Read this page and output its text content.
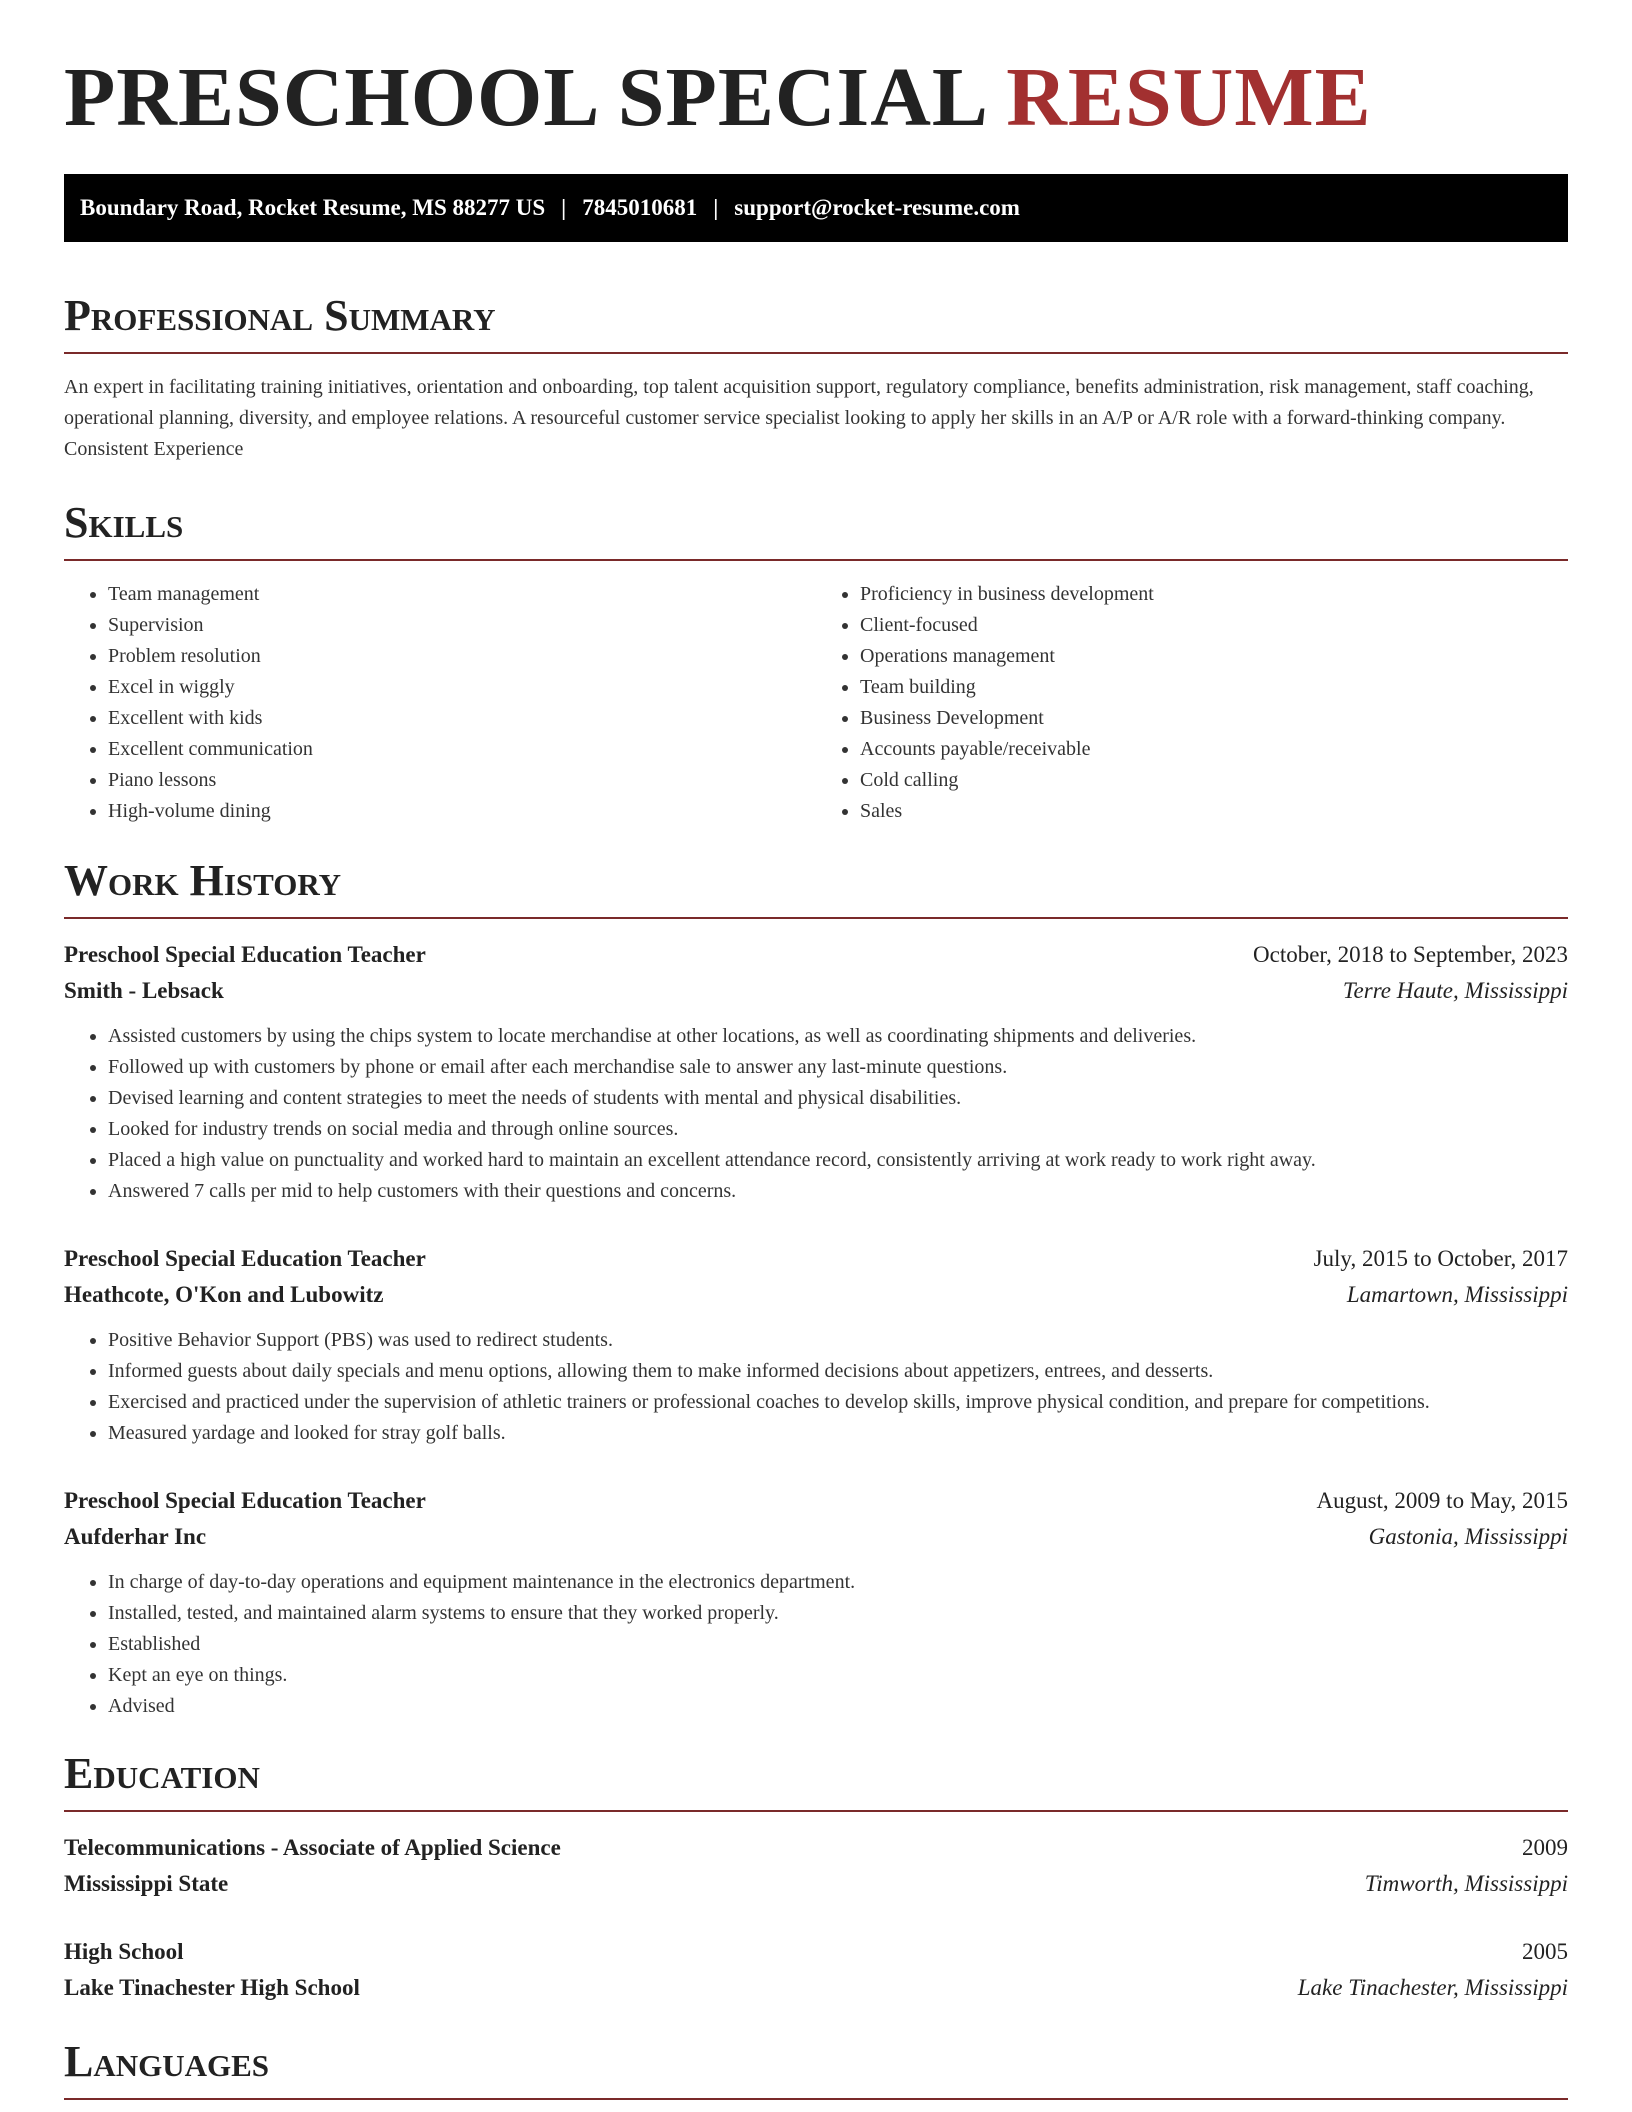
PRESCHOOL SPECIAL RESUME
Boundary Road, Rocket Resume, MS 88277 US | 7845010681 | support@rocket-resume.com
Professional Summary

An expert in facilitating training initiatives, orientation and onboarding, top talent acquisition support, regulatory compliance, benefits administration, risk management, staff coaching, operational planning, diversity, and employee relations. A resourceful customer service specialist looking to apply her skills in an A/P or A/R role with a forward-thinking company. Consistent Experience

Skills
• Team management
• Supervision
• Problem resolution
• Excel in wiggly
• Excellent with kids
• Excellent communication
• Piano lessons
• High-volume dining
• Proficiency in business development
• Client-focused
• Operations management
• Team building
• Business Development
• Accounts payable/receivable
• Cold calling
• Sales
Work History
Preschool Special Education Teacher	October, 2018 to September, 2023
Smith - Lebsack	Terre Haute, Mississippi
• Assisted customers by using the chips system to locate merchandise at other locations, as well as coordinating shipments and deliveries.
• Followed up with customers by phone or email after each merchandise sale to answer any last-minute questions.
• Devised learning and content strategies to meet the needs of students with mental and physical disabilities.
• Looked for industry trends on social media and through online sources.
• Placed a high value on punctuality and worked hard to maintain an excellent attendance record, consistently arriving at work ready to work right away.
• Answered 7 calls per mid to help customers with their questions and concerns.
Preschool Special Education Teacher	July, 2015 to October, 2017
Heathcote, O'Kon and Lubowitz	Lamartown, Mississippi
• Positive Behavior Support (PBS) was used to redirect students.
• Informed guests about daily specials and menu options, allowing them to make informed decisions about appetizers, entrees, and desserts.
• Exercised and practiced under the supervision of athletic trainers or professional coaches to develop skills, improve physical condition, and prepare for competitions.
• Measured yardage and looked for stray golf balls.
Preschool Special Education Teacher	August, 2009 to May, 2015
Aufderhar Inc	Gastonia, Mississippi
• In charge of day-to-day operations and equipment maintenance in the electronics department.
• Installed, tested, and maintained alarm systems to ensure that they worked properly.
• Established
• Kept an eye on things.
• Advised
Education
Telecommunications - Associate of Applied Science	2009
Mississippi State	Timworth, Mississippi
High School	2005
Lake Tinachester High School	Lake Tinachester, Mississippi
Languages
